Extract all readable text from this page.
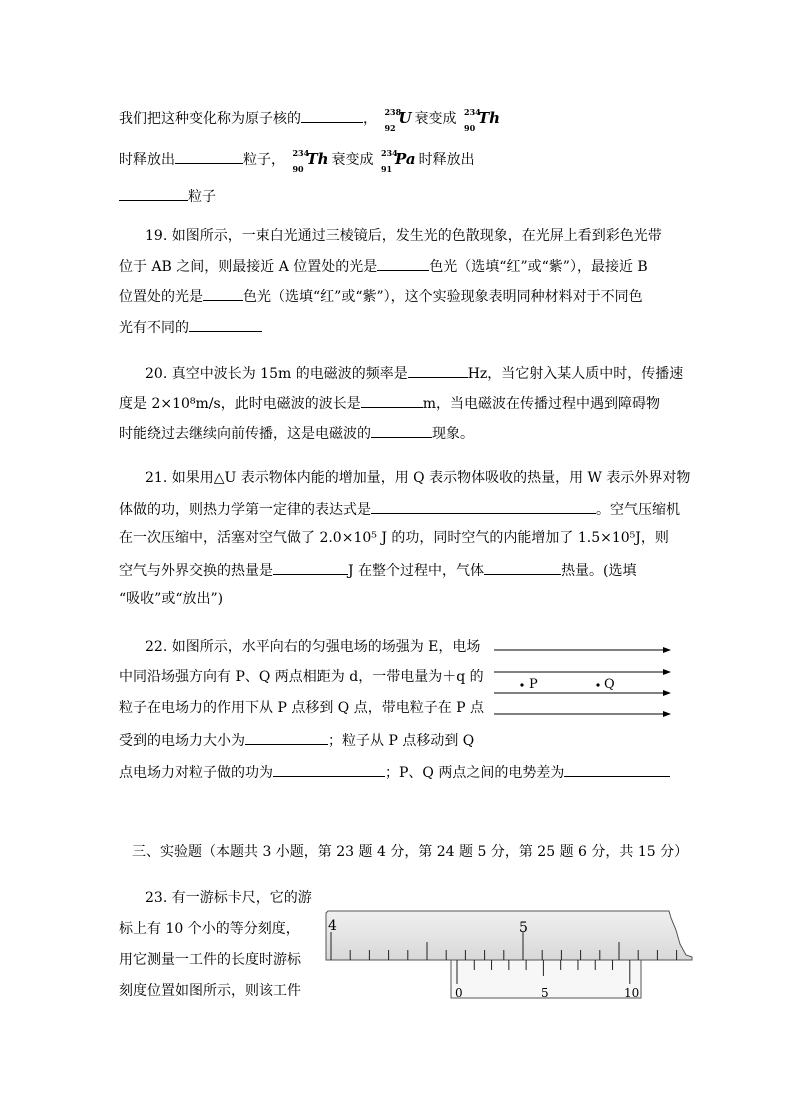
我们把这种变化称为原子核的	， 238
92
U 衰变成 234
90
Th
时释放出	粒子， 234
90
Th 衰变成 234
91
Pa 时释放出
粒子
19. 如图所示，一束白光通过三棱镜后，发生光的色散现象，在光屏上看到彩色光带
位于 AB 之间，则最接近 A 位置处的光是	色光（选填“红”或“紫”），最接近 B
位置处的光是	色光（选填“红”或“紫”），这个实验现象表明同种材料对于不同色
光有不同的
20. 真空中波长为 15m 的电磁波的频率是	Hz，当它射入某人质中时，传播速
度是 2×10⁸m/s，此时电磁波的波长是	m，当电磁波在传播过程中遇到障碍物
时能绕过去继续向前传播，这是电磁波的	现象。
21. 如果用△U 表示物体内能的增加量，用 Q 表示物体吸收的热量，用 W 表示外界对物
体做的功，则热力学第一定律的表达式是	。空气压缩机
在一次压缩中，活塞对空气做了 2.0×10⁵ J 的功，同时空气的内能增加了 1.5×10⁵J，则
空气与外界交换的热量是	J 在整个过程中，气体	热量。(选填
“吸收”或“放出”)
22. 如图所示，水平向右的匀强电场的场强为 E，电场
中同沿场强方向有 P、Q 两点相距为 d，一带电量为＋q 的
粒子在电场力的作用下从 P 点移到 Q 点，带电粒子在 P 点
受到的电场力大小为	；粒子从 P 点移动到 Q
点电场力对粒子做的功为	；P、Q 两点之间的电势差为
P	Q
三、实验题（本题共 3 小题，第 23 题 4 分，第 24 题 5 分，第 25 题 6 分，共 15 分）
23. 有一游标卡尺，它的游
标上有 10 个小的等分刻度，
用它测量一工件的长度时游标
刻度位置如图所示，则该工件
4	5
0	5	10
